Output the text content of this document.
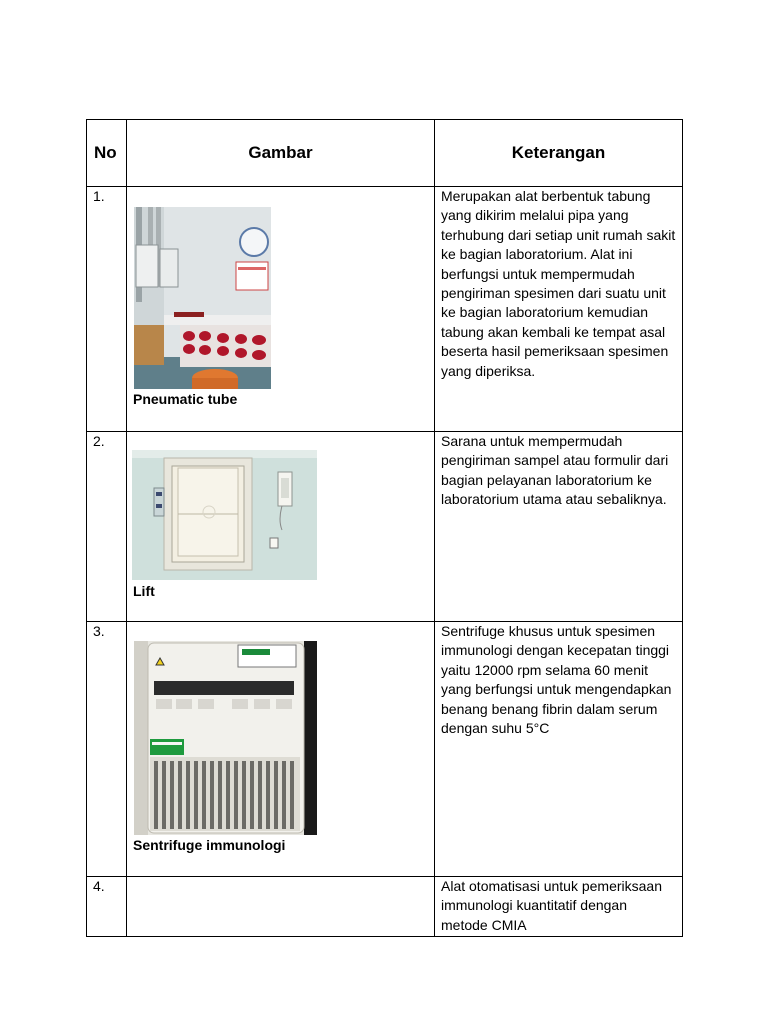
No	Gambar	Keterangan
1.	Pneumatic tube	Merupakan alat berbentuk tabung yang dikirim melalui pipa yang terhubung dari setiap unit rumah sakit ke bagian laboratorium. Alat ini berfungsi untuk mempermudah pengiriman spesimen dari suatu unit ke bagian laboratorium kemudian tabung akan kembali ke tempat asal beserta hasil pemeriksaan spesimen yang diperiksa.
2.	Lift	Sarana untuk mempermudah pengiriman sampel atau formulir dari bagian pelayanan laboratorium ke laboratorium utama atau sebaliknya.
3.	Sentrifuge immunologi	Sentrifuge khusus untuk spesimen immunologi dengan kecepatan tinggi yaitu 12000 rpm selama 60 menit yang berfungsi untuk mengendapkan benang benang fibrin dalam serum dengan suhu 5°C
4.		Alat otomatisasi untuk pemeriksaan immunologi kuantitatif dengan metode CMIA
